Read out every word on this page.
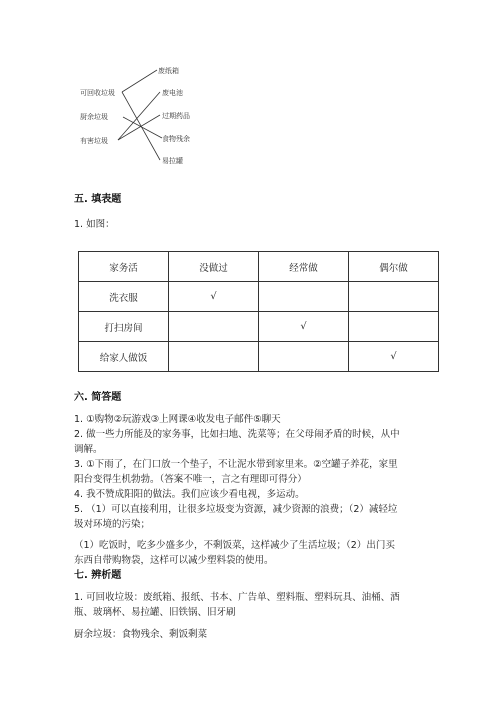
可回收垃圾
厨余垃圾
有害垃圾
废纸箱
废电池
过期药品
食物残余
易拉罐
五. 填表题
1. 如图：
家务活	没做过	经常做	偶尔做
洗衣服	√		
打扫房间		√	
给家人做饭			√
六. 简答题
1. ①购物②玩游戏③上网课④收发电子邮件⑤聊天
2. 做一些力所能及的家务事，比如扫地、洗菜等；在父母闹矛盾的时候，从中
调解。
3. ①下雨了，在门口放一个垫子，不让泥水带到家里来。②空罐子养花，家里
阳台变得生机勃勃。（答案不唯一，言之有理即可得分）
4. 我不赞成阳阳的做法。我们应该少看电视，多运动。
5. （1）可以直接利用，让很多垃圾变为资源，减少资源的浪费；（2）减轻垃
圾对环境的污染；
（1）吃饭时，吃多少盛多少，不剩饭菜，这样减少了生活垃圾；（2）出门买
东西自带购物袋，这样可以减少塑料袋的使用。
七. 辨析题
1. 可回收垃圾：废纸箱、报纸、书本、广告单、塑料瓶、塑料玩具、油桶、酒
瓶、玻璃杯、易拉罐、旧铁锅、旧牙刷
厨余垃圾：食物残余、剩饭剩菜
